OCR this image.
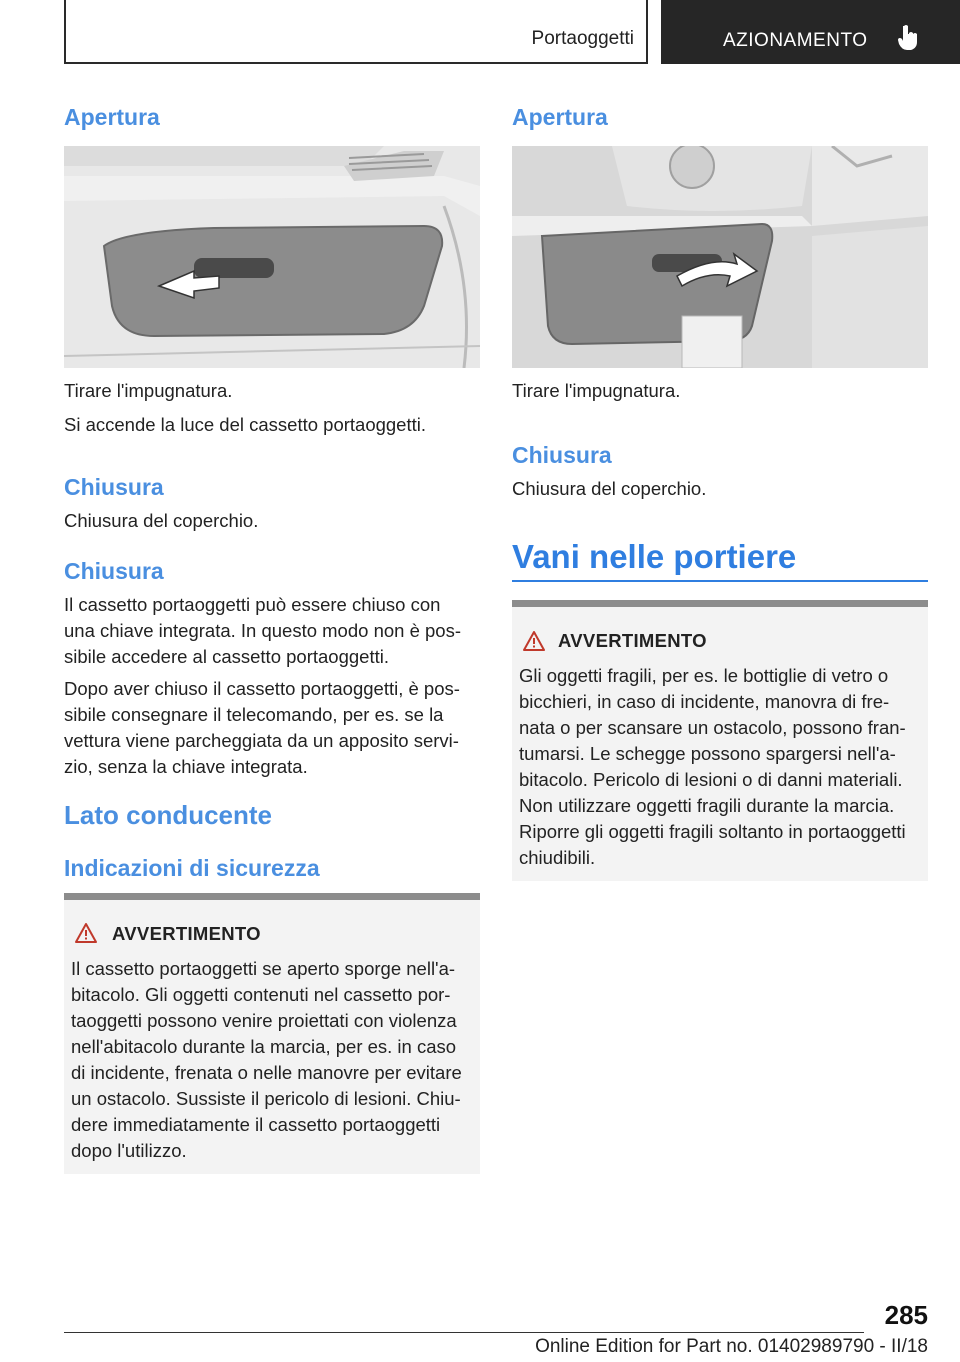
Portaoggetti	AZIONAMENTO
Apertura
Tirare l'impugnatura.
Si accende la luce del cassetto portaoggetti.
Chiusura
Chiusura del coperchio.
Chiusura
Il cassetto portaoggetti può essere chiuso con
una chiave integrata. In questo modo non è pos-
sibile accedere al cassetto portaoggetti.
Dopo aver chiuso il cassetto portaoggetti, è pos-
sibile consegnare il telecomando, per es. se la
vettura viene parcheggiata da un apposito servi-
zio, senza la chiave integrata.
Lato conducente
Indicazioni di sicurezza
AVVERTIMENTO
Il cassetto portaoggetti se aperto sporge nell'a-
bitacolo. Gli oggetti contenuti nel cassetto por-
taoggetti possono venire proiettati con violenza
nell'abitacolo durante la marcia, per es. in caso
di incidente, frenata o nelle manovre per evitare
un ostacolo. Sussiste il pericolo di lesioni. Chiu-
dere immediatamente il cassetto portaoggetti
dopo l'utilizzo.
Apertura
Tirare l'impugnatura.
Chiusura
Chiusura del coperchio.
Vani nelle portiere
AVVERTIMENTO
Gli oggetti fragili, per es. le bottiglie di vetro o
bicchieri, in caso di incidente, manovra di fre-
nata o per scansare un ostacolo, possono fran-
tumarsi. Le schegge possono spargersi nell'a-
bitacolo. Pericolo di lesioni o di danni materiali.
Non utilizzare oggetti fragili durante la marcia.
Riporre gli oggetti fragili soltanto in portaoggetti
chiudibili.
285
Online Edition for Part no. 01402989790 - II/18
